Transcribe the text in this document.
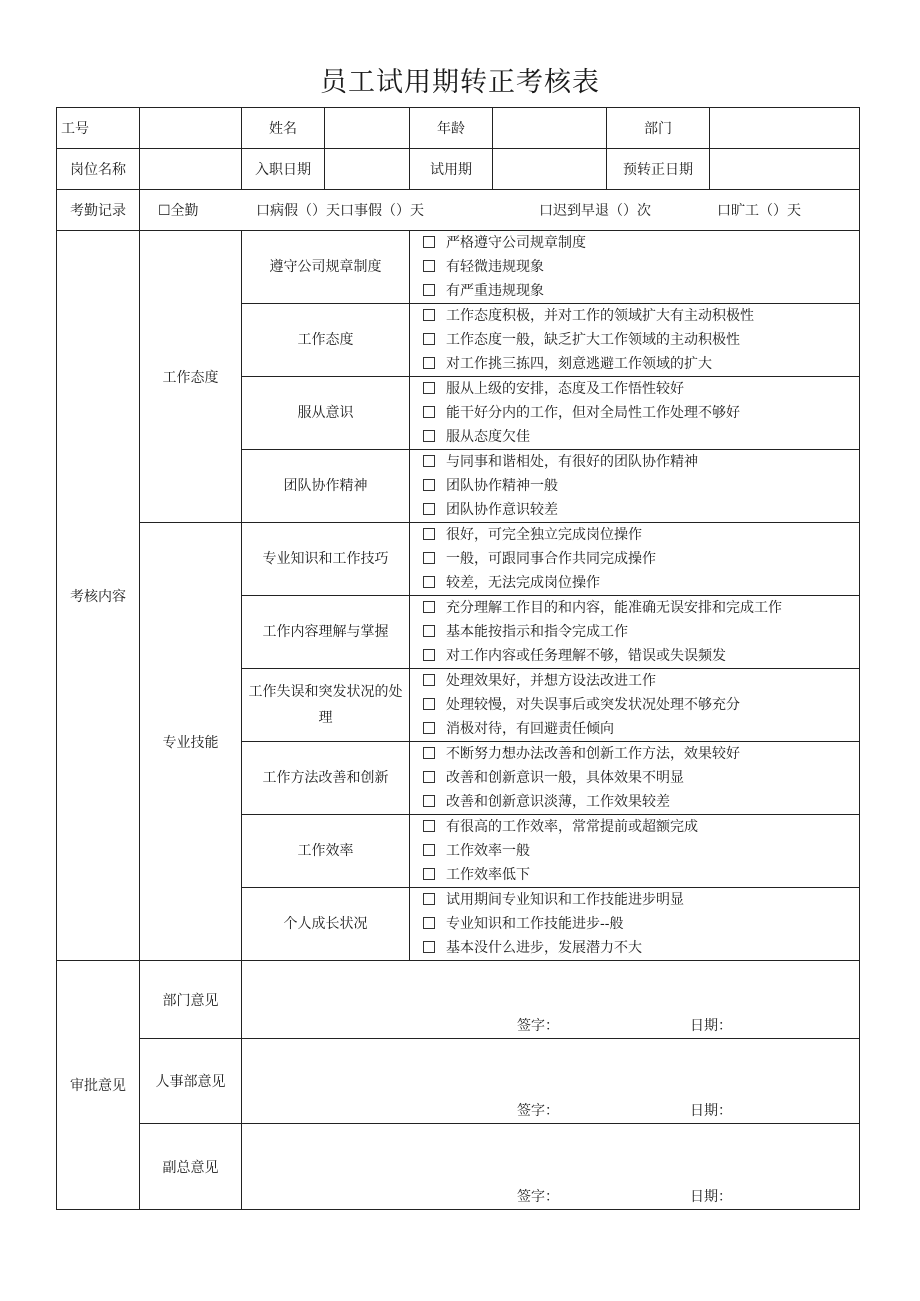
员工试用期转正考核表
工号		姓名		年龄		部门	
岗位名称		入职日期		试用期		预转正日期	
考勤记录	☐全勤 口病假（）天口事假（）天 口迟到早退（）次 口旷工（）天						

考核内容	工作态度	遵守公司规章制度		严格遵守公司规章制度
有轻微违规现象
有严重违规现象			

		工作态度		工作态度积极，并对工作的领域扩大有主动积极性
工作态度一般，缺乏扩大工作领域的主动积极性
对工作挑三拣四，刻意逃避工作领域的扩大			

		服从意识		服从上级的安排，态度及工作悟性较好
能干好分内的工作，但对全局性工作处理不够好
服从态度欠佳			

		团队协作精神		与同事和谐相处，有很好的团队协作精神
团队协作精神一般
团队协作意识较差			

	专业技能	专业知识和工作技巧		很好，可完全独立完成岗位操作
一般，可跟同事合作共同完成操作
较差，无法完成岗位操作			

		工作内容理解与掌握		充分理解工作目的和内容，能准确无误安排和完成工作
基本能按指示和指令完成工作
对工作内容或任务理解不够，错误或失误频发			

		工作失误和突发状况的处理		处理效果好，并想方设法改进工作
处理较慢，对失误事后或突发状况处理不够充分
消极对待，有回避责任倾向			

		工作方法改善和创新		不断努力想办法改善和创新工作方法，效果较好
改善和创新意识一般，具体效果不明显
改善和创新意识淡薄，工作效果较差			

		工作效率		有很高的工作效率，常常提前或超额完成
工作效率一般
工作效率低下			

		个人成长状况		试用期间专业知识和工作技能进步明显
专业知识和工作技能进步--般
基本没什么进步，发展潜力不大			

审批意见	部门意见	签字： 日期：					

	人事部意见	签字： 日期：					

	副总意见	签字： 日期：					
